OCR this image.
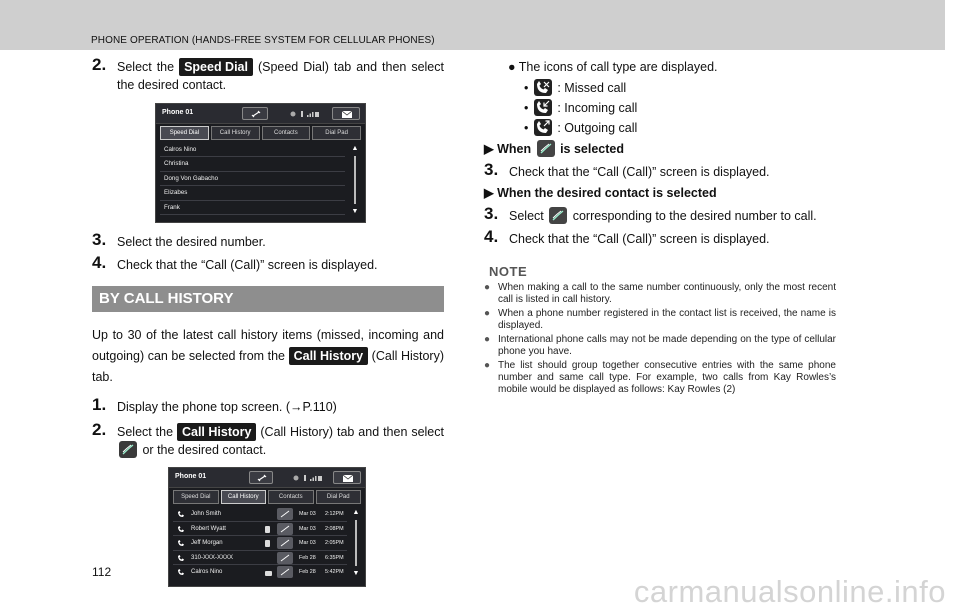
PHONE OPERATION (HANDS-FREE SYSTEM FOR CELLULAR PHONES)
2. Select the Speed Dial (Speed Dial) tab and then select the desired contact.
Phone 01
Speed Dial	Call History	Contacts	Dial Pad
Calros Nino
Christina
Dong Von Gabacho
Elizabes
Frank
▲
▼
3. Select the desired number.
4. Check that the “Call (Call)” screen is displayed.
BY CALL HISTORY
Up to 30 of the latest call history items (missed, incoming and outgoing) can be selected from the Call History (Call History) tab.
1. Display the phone top screen. (→P.110)
2. Select the Call History (Call History) tab and then select
or the desired contact.
Phone 01
Speed Dial	Call History	Contacts	Dial Pad
John Smith	Mar 03 2:12PM
Robert Wyatt	Mar 03 2:08PM
Jeff Morgan	Mar 03 2:05PM
310-XXX-XXXX	Feb 28 6:35PM
Calros Nino	Feb 28 5:42PM
▲
▼
● The icons of call type are displayed.
• : Missed call
• : Incoming call
• : Outgoing call
▶ When is selected
3. Check that the “Call (Call)” screen is displayed.
▶ When the desired contact is selected
3. Select corresponding to the desired number to call.
4. Check that the “Call (Call)” screen is displayed.
NOTE
● When making a call to the same number continuously, only the most recent call is listed in call history.
● When a phone number registered in the contact list is received, the name is displayed.
● International phone calls may not be made depending on the type of cellular phone you have.
● The list should group together consecutive entries with the same phone number and same call type. For example, two calls from Kay Rowles’s mobile would be displayed as follows: Kay Rowles (2)
112
carmanualsonline.info
